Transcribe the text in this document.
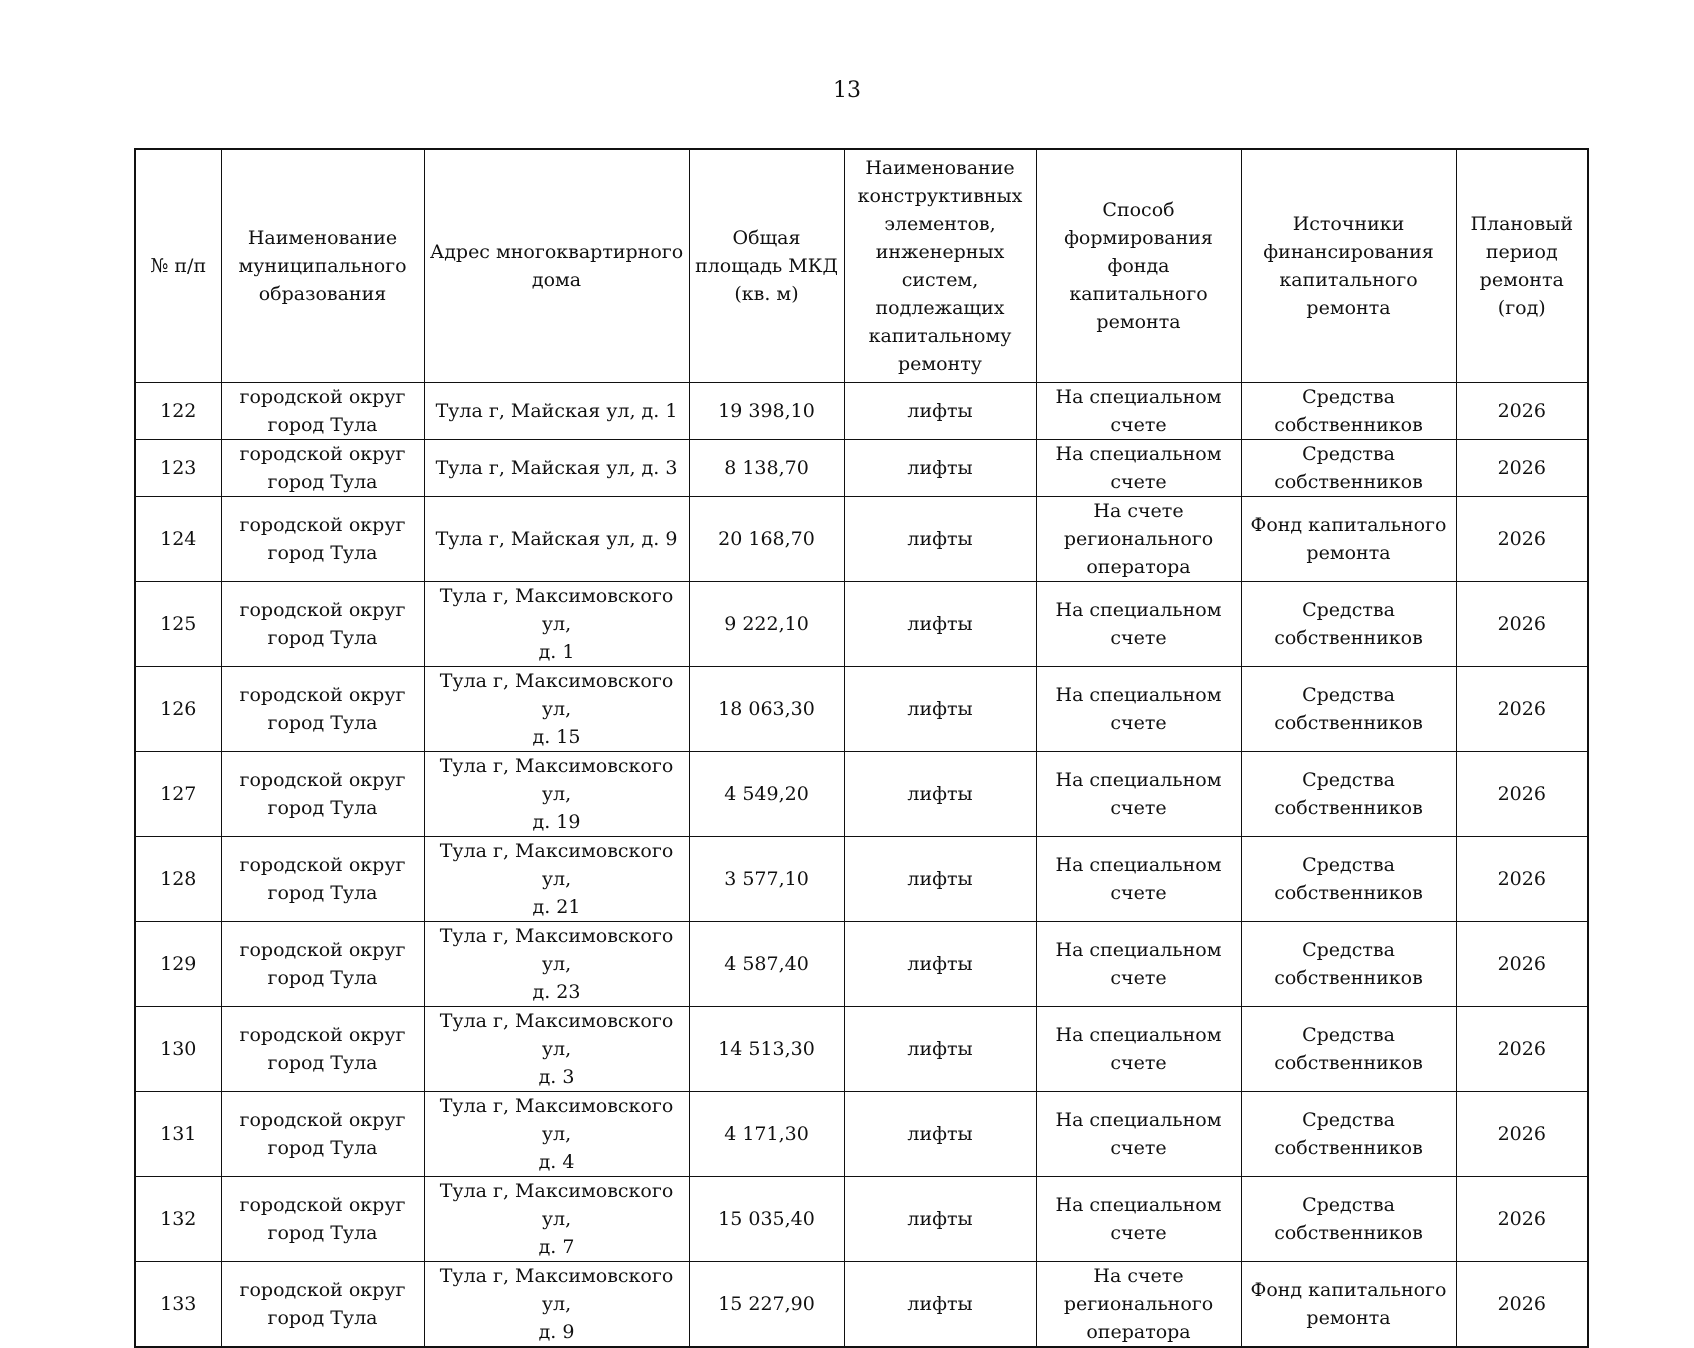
13
№ п/п	Наименование муниципального образования	Адрес многоквартирного дома	Общая площадь МКД (кв. м)	Наименование конструктивных элементов, инженерных систем, подлежащих капитальному ремонту	Способ формирования фонда капитального ремонта	Источники финансирования капитального ремонта	Плановый период ремонта (год)

122	городской округ
город Тула	Тула г, Майская ул, д. 1	19 398,10	лифты	На специальном
счете	Средства
собственников	2026

123	городской округ
город Тула	Тула г, Майская ул, д. 3	8 138,70	лифты	На специальном
счете	Средства
собственников	2026

124	городской округ
город Тула	Тула г, Майская ул, д. 9	20 168,70	лифты	На счете
регионального
оператора	Фонд капитального
ремонта	2026

125	городской округ
город Тула	Тула г, Максимовского ул,
д. 1	9 222,10	лифты	На специальном
счете	Средства
собственников	2026

126	городской округ
город Тула	Тула г, Максимовского ул,
д. 15	18 063,30	лифты	На специальном
счете	Средства
собственников	2026

127	городской округ
город Тула	Тула г, Максимовского ул,
д. 19	4 549,20	лифты	На специальном
счете	Средства
собственников	2026

128	городской округ
город Тула	Тула г, Максимовского ул,
д. 21	3 577,10	лифты	На специальном
счете	Средства
собственников	2026

129	городской округ
город Тула	Тула г, Максимовского ул,
д. 23	4 587,40	лифты	На специальном
счете	Средства
собственников	2026

130	городской округ
город Тула	Тула г, Максимовского ул,
д. 3	14 513,30	лифты	На специальном
счете	Средства
собственников	2026

131	городской округ
город Тула	Тула г, Максимовского ул,
д. 4	4 171,30	лифты	На специальном
счете	Средства
собственников	2026

132	городской округ
город Тула	Тула г, Максимовского ул,
д. 7	15 035,40	лифты	На специальном
счете	Средства
собственников	2026

133	городской округ
город Тула	Тула г, Максимовского ул,
д. 9	15 227,90	лифты	На счете
регионального
оператора	Фонд капитального
ремонта	2026
